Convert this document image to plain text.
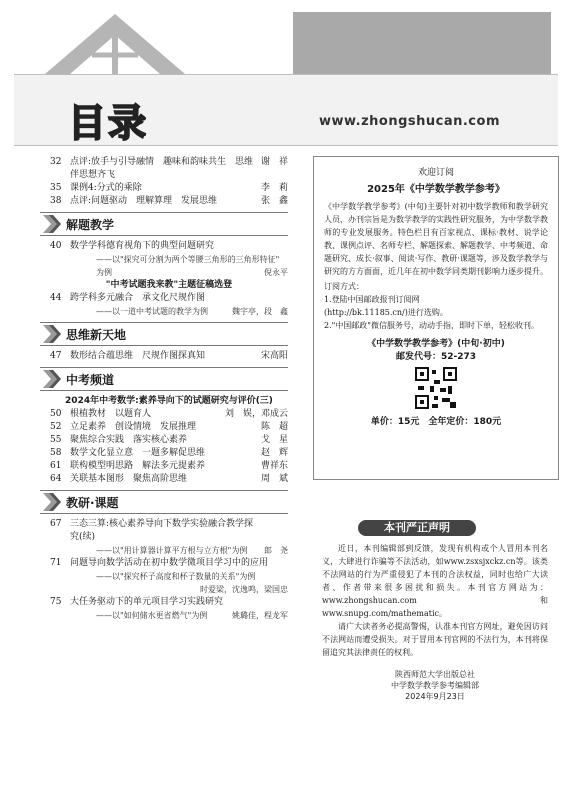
目录	www.zhongshucan.com
32 点评:放手与引导融情　趣味和韵味共生　思维 谢　祥
伴思想齐飞
35 课例4:分式的乘除	李　莉
38 点评:问题驱动　理解算理　发展思维	张　鑫
解题教学
40 数学学科德育视角下的典型问题研究
——以"探究可分割为两个等腰三角形的三角形特征"
为例	倪永平
"中考试题我来教"主题征稿选登
44 跨学科多元融合　承文化尺规作图
——以一道中考试题的教学为例	魏宇亭，段　鑫
思维新天地
47 数形结合蕴思维　尺规作图探真知	宋高阳
中考频道
2024年中考数学:素养导向下的试题研究与评价(三)
50 根植教材　以题育人	刘　娱，邓成云
52 立足素养　创设情境　发展推理	陈　超
55 聚焦综合实践　落实核心素养	戈　星
58 数学文化显立意　一题多解促思维	赵　辉
61 联构模型明思路　解法多元提素养	曹祥东
64 关联基本图形　聚焦高阶思维	周　斌
教研·课题
67 三态三算:核心素养导向下数学实验融合教学探
究(续)
——以"用计算器计算平方根与立方根"为例	郎　尧
71 问题导向数学活动在初中数学微项目学习中的应用
——以"探究杯子高度和杯子数量的关系"为例
时爱梁，沈逸鸣，梁国忠
75 大任务驱动下的单元项目学习实践研究
——以"如何储水更省燃气"为例	姚璐佳，程龙军
欢迎订阅
2025年《中学数学教学参考》
《中学数学教学参考》(中旬)主要针对初中数学教师和教学研究人员，办刊宗旨是为数学教学的实践性研究服务，为中学数学教师的专业发展服务。特色栏目有百家视点、课标·教材、说学论教、课例点评、名师专栏、解题探索、解题教学、中考频道、命题研究、成长·叙事、阅读·写作、教研·课题等，涉及数学教学与研究的方方面面，近几年在初中数学同类期刊影响力逐步提升。
订阅方式：
1.登陆中国邮政报刊订阅网
(http://bk.11185.cn/)进行选购。
2."中国邮政"微信服务号，动动手指，即时下单，轻松收刊。
《中学数学教学参考》(中旬·初中)
邮发代号：52-273
单价：15元　全年定价：180元
本刊严正声明
近日，本刊编辑部到反馈，发现有机构或个人冒用本刊名义，大肆进行诈骗等不法活动，如www.zsxsjxckz.cn等。该类不法网站的行为严重侵犯了本刊的合法权益，同时也给广大读者、作者带来很多困扰和损失。本刊官方网站为：www.zhongshucan.com和www.snupg.com/mathematic。
请广大读者务必提高警惕，认准本刊官方网址，避免因访问不法网站而遭受损失。对于冒用本刊官网的不法行为，本刊将保留追究其法律责任的权利。
陕西师范大学出版总社
中学数学教学参考编辑部
2024年9月23日
